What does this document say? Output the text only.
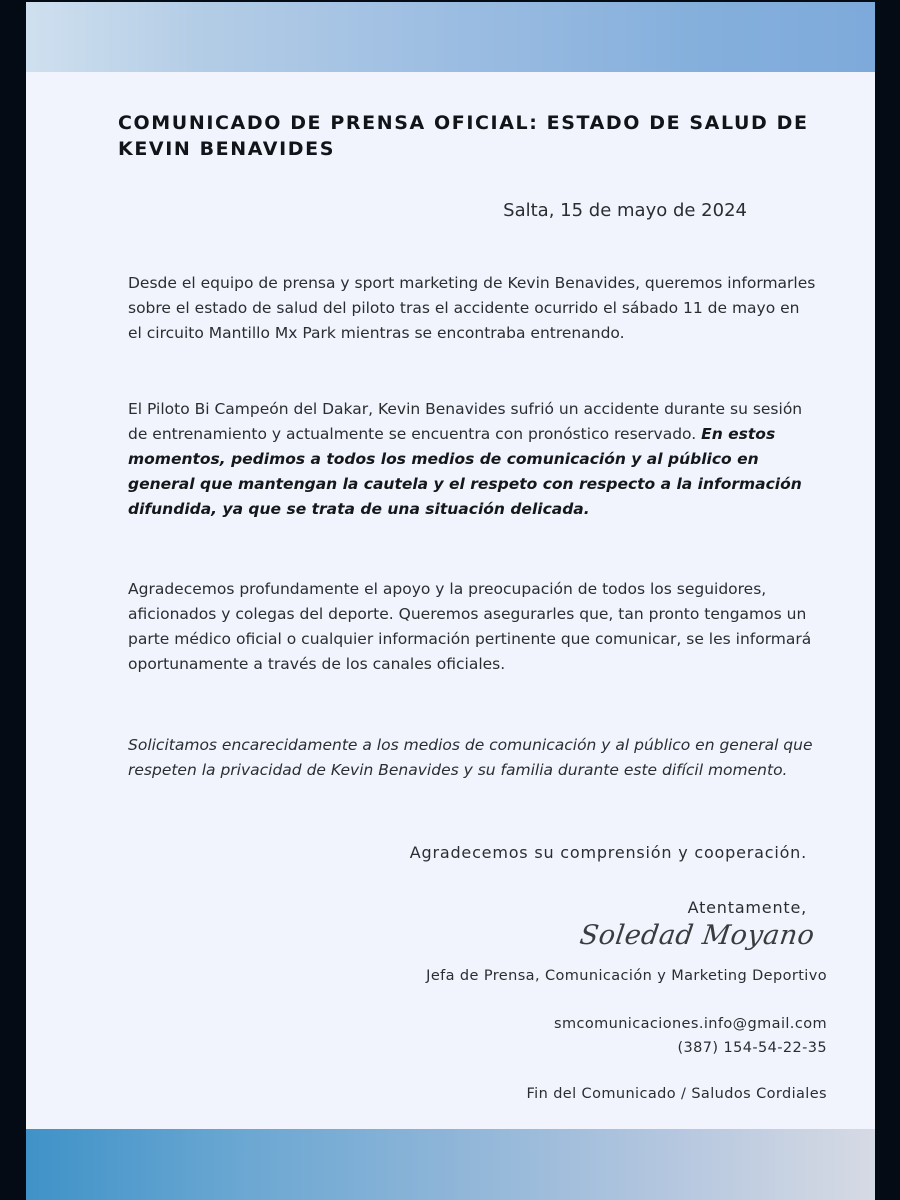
COMUNICADO DE PRENSA OFICIAL: ESTADO DE SALUD DE KEVIN BENAVIDES
Salta, 15 de mayo de 2024

Desde el equipo de prensa y sport marketing de Kevin Benavides, queremos informarles sobre el estado de salud del piloto tras el accidente ocurrido el sábado 11 de mayo en el circuito Mantillo Mx Park mientras se encontraba entrenando.

El Piloto Bi Campeón del Dakar, Kevin Benavides sufrió un accidente durante su sesión de entrenamiento y actualmente se encuentra con pronóstico reservado. En estos momentos, pedimos a todos los medios de comunicación y al público en general que mantengan la cautela y el respeto con respecto a la información difundida, ya que se trata de una situación delicada.

Agradecemos profundamente el apoyo y la preocupación de todos los seguidores, aficionados y colegas del deporte. Queremos asegurarles que, tan pronto tengamos un parte médico oficial o cualquier información pertinente que comunicar, se les informará oportunamente a través de los canales oficiales.

Solicitamos encarecidamente a los medios de comunicación y al público en general que respeten la privacidad de Kevin Benavides y su familia durante este difícil momento.

Agradecemos su comprensión y cooperación.
Atentamente,
Soledad Moyano
Jefa de Prensa, Comunicación y Marketing Deportivo
smcomunicaciones.info@gmail.com
(387) 154-54-22-35
Fin del Comunicado / Saludos Cordiales
